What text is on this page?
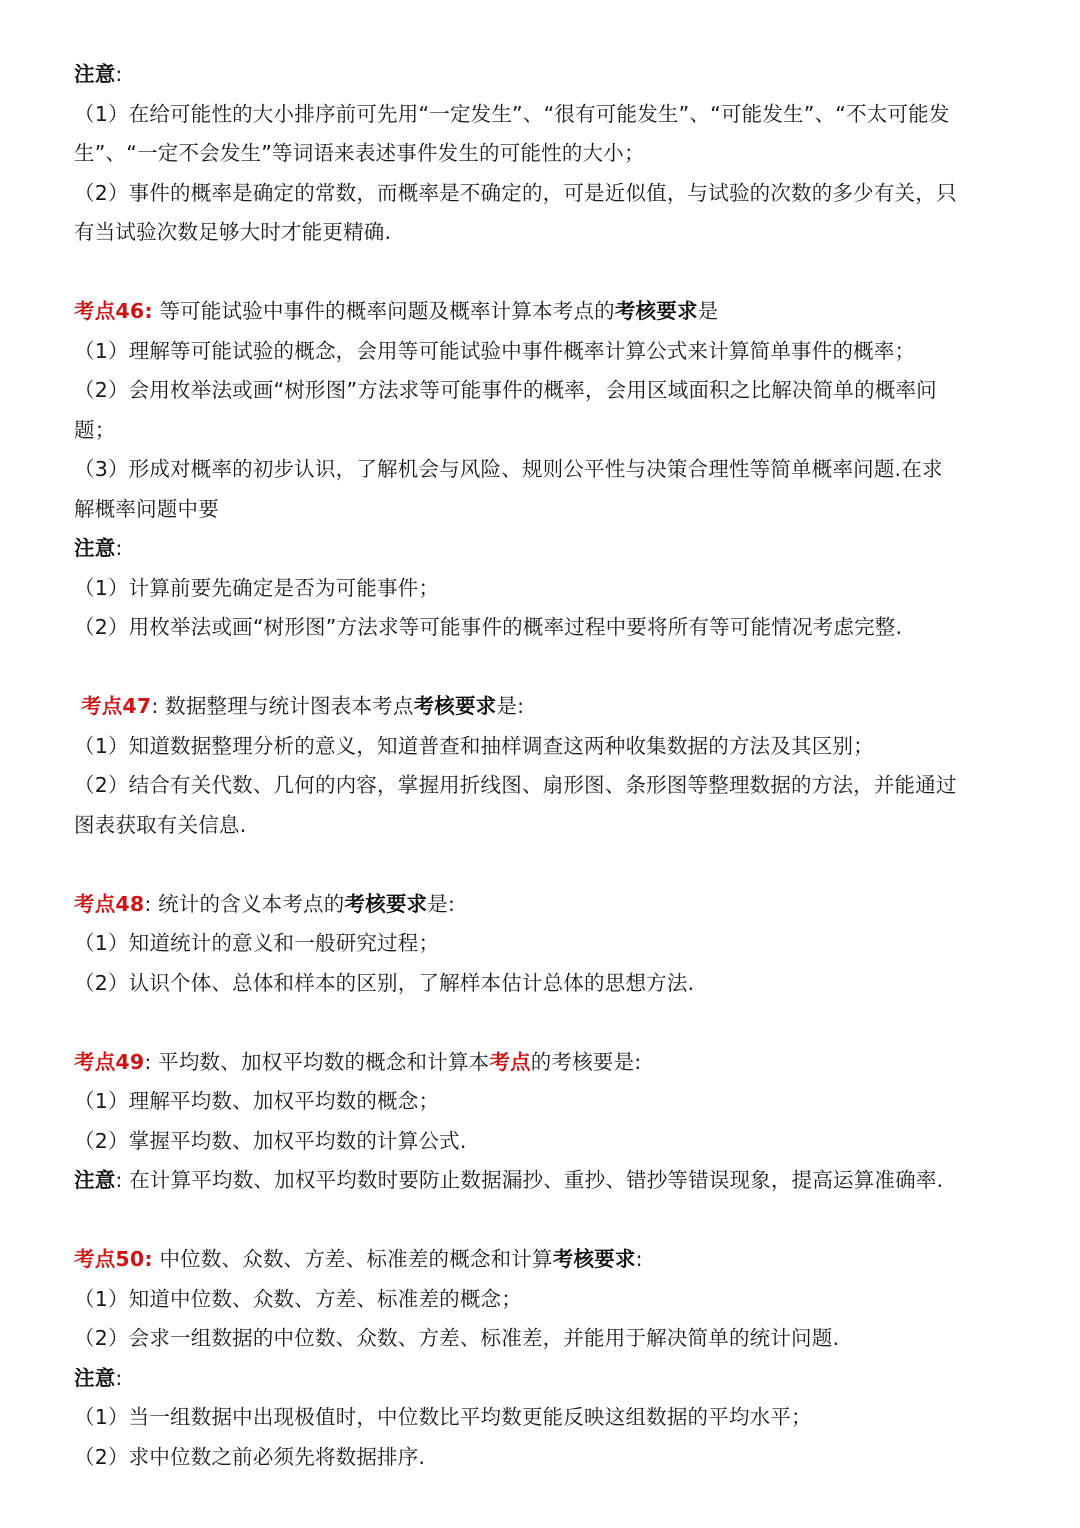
注意:
（1）在给可能性的大小排序前可先用“一定发生”、“很有可能发生”、“可能发生”、“不太可能发
生”、“一定不会发生”等词语来表述事件发生的可能性的大小；
（2）事件的概率是确定的常数，而概率是不确定的，可是近似值，与试验的次数的多少有关，只
有当试验次数足够大时才能更精确.
考点46: 等可能试验中事件的概率问题及概率计算本考点的考核要求是
（1）理解等可能试验的概念，会用等可能试验中事件概率计算公式来计算简单事件的概率；
（2）会用枚举法或画“树形图”方法求等可能事件的概率，会用区域面积之比解决简单的概率问
题；
（3）形成对概率的初步认识，了解机会与风险、规则公平性与决策合理性等简单概率问题.在求
解概率问题中要
注意:
（1）计算前要先确定是否为可能事件；
（2）用枚举法或画“树形图”方法求等可能事件的概率过程中要将所有等可能情况考虑完整.
考点47: 数据整理与统计图表本考点考核要求是:
（1）知道数据整理分析的意义，知道普查和抽样调查这两种收集数据的方法及其区别；
（2）结合有关代数、几何的内容，掌握用折线图、扇形图、条形图等整理数据的方法，并能通过
图表获取有关信息.
考点48: 统计的含义本考点的考核要求是:
（1）知道统计的意义和一般研究过程；
（2）认识个体、总体和样本的区别，了解样本估计总体的思想方法.
考点49: 平均数、加权平均数的概念和计算本考点的考核要是:
（1）理解平均数、加权平均数的概念；
（2）掌握平均数、加权平均数的计算公式.
注意: 在计算平均数、加权平均数时要防止数据漏抄、重抄、错抄等错误现象，提高运算准确率.
考点50: 中位数、众数、方差、标准差的概念和计算考核要求:
（1）知道中位数、众数、方差、标准差的概念；
（2）会求一组数据的中位数、众数、方差、标准差，并能用于解决简单的统计问题.
注意:
（1）当一组数据中出现极值时，中位数比平均数更能反映这组数据的平均水平；
（2）求中位数之前必须先将数据排序.
